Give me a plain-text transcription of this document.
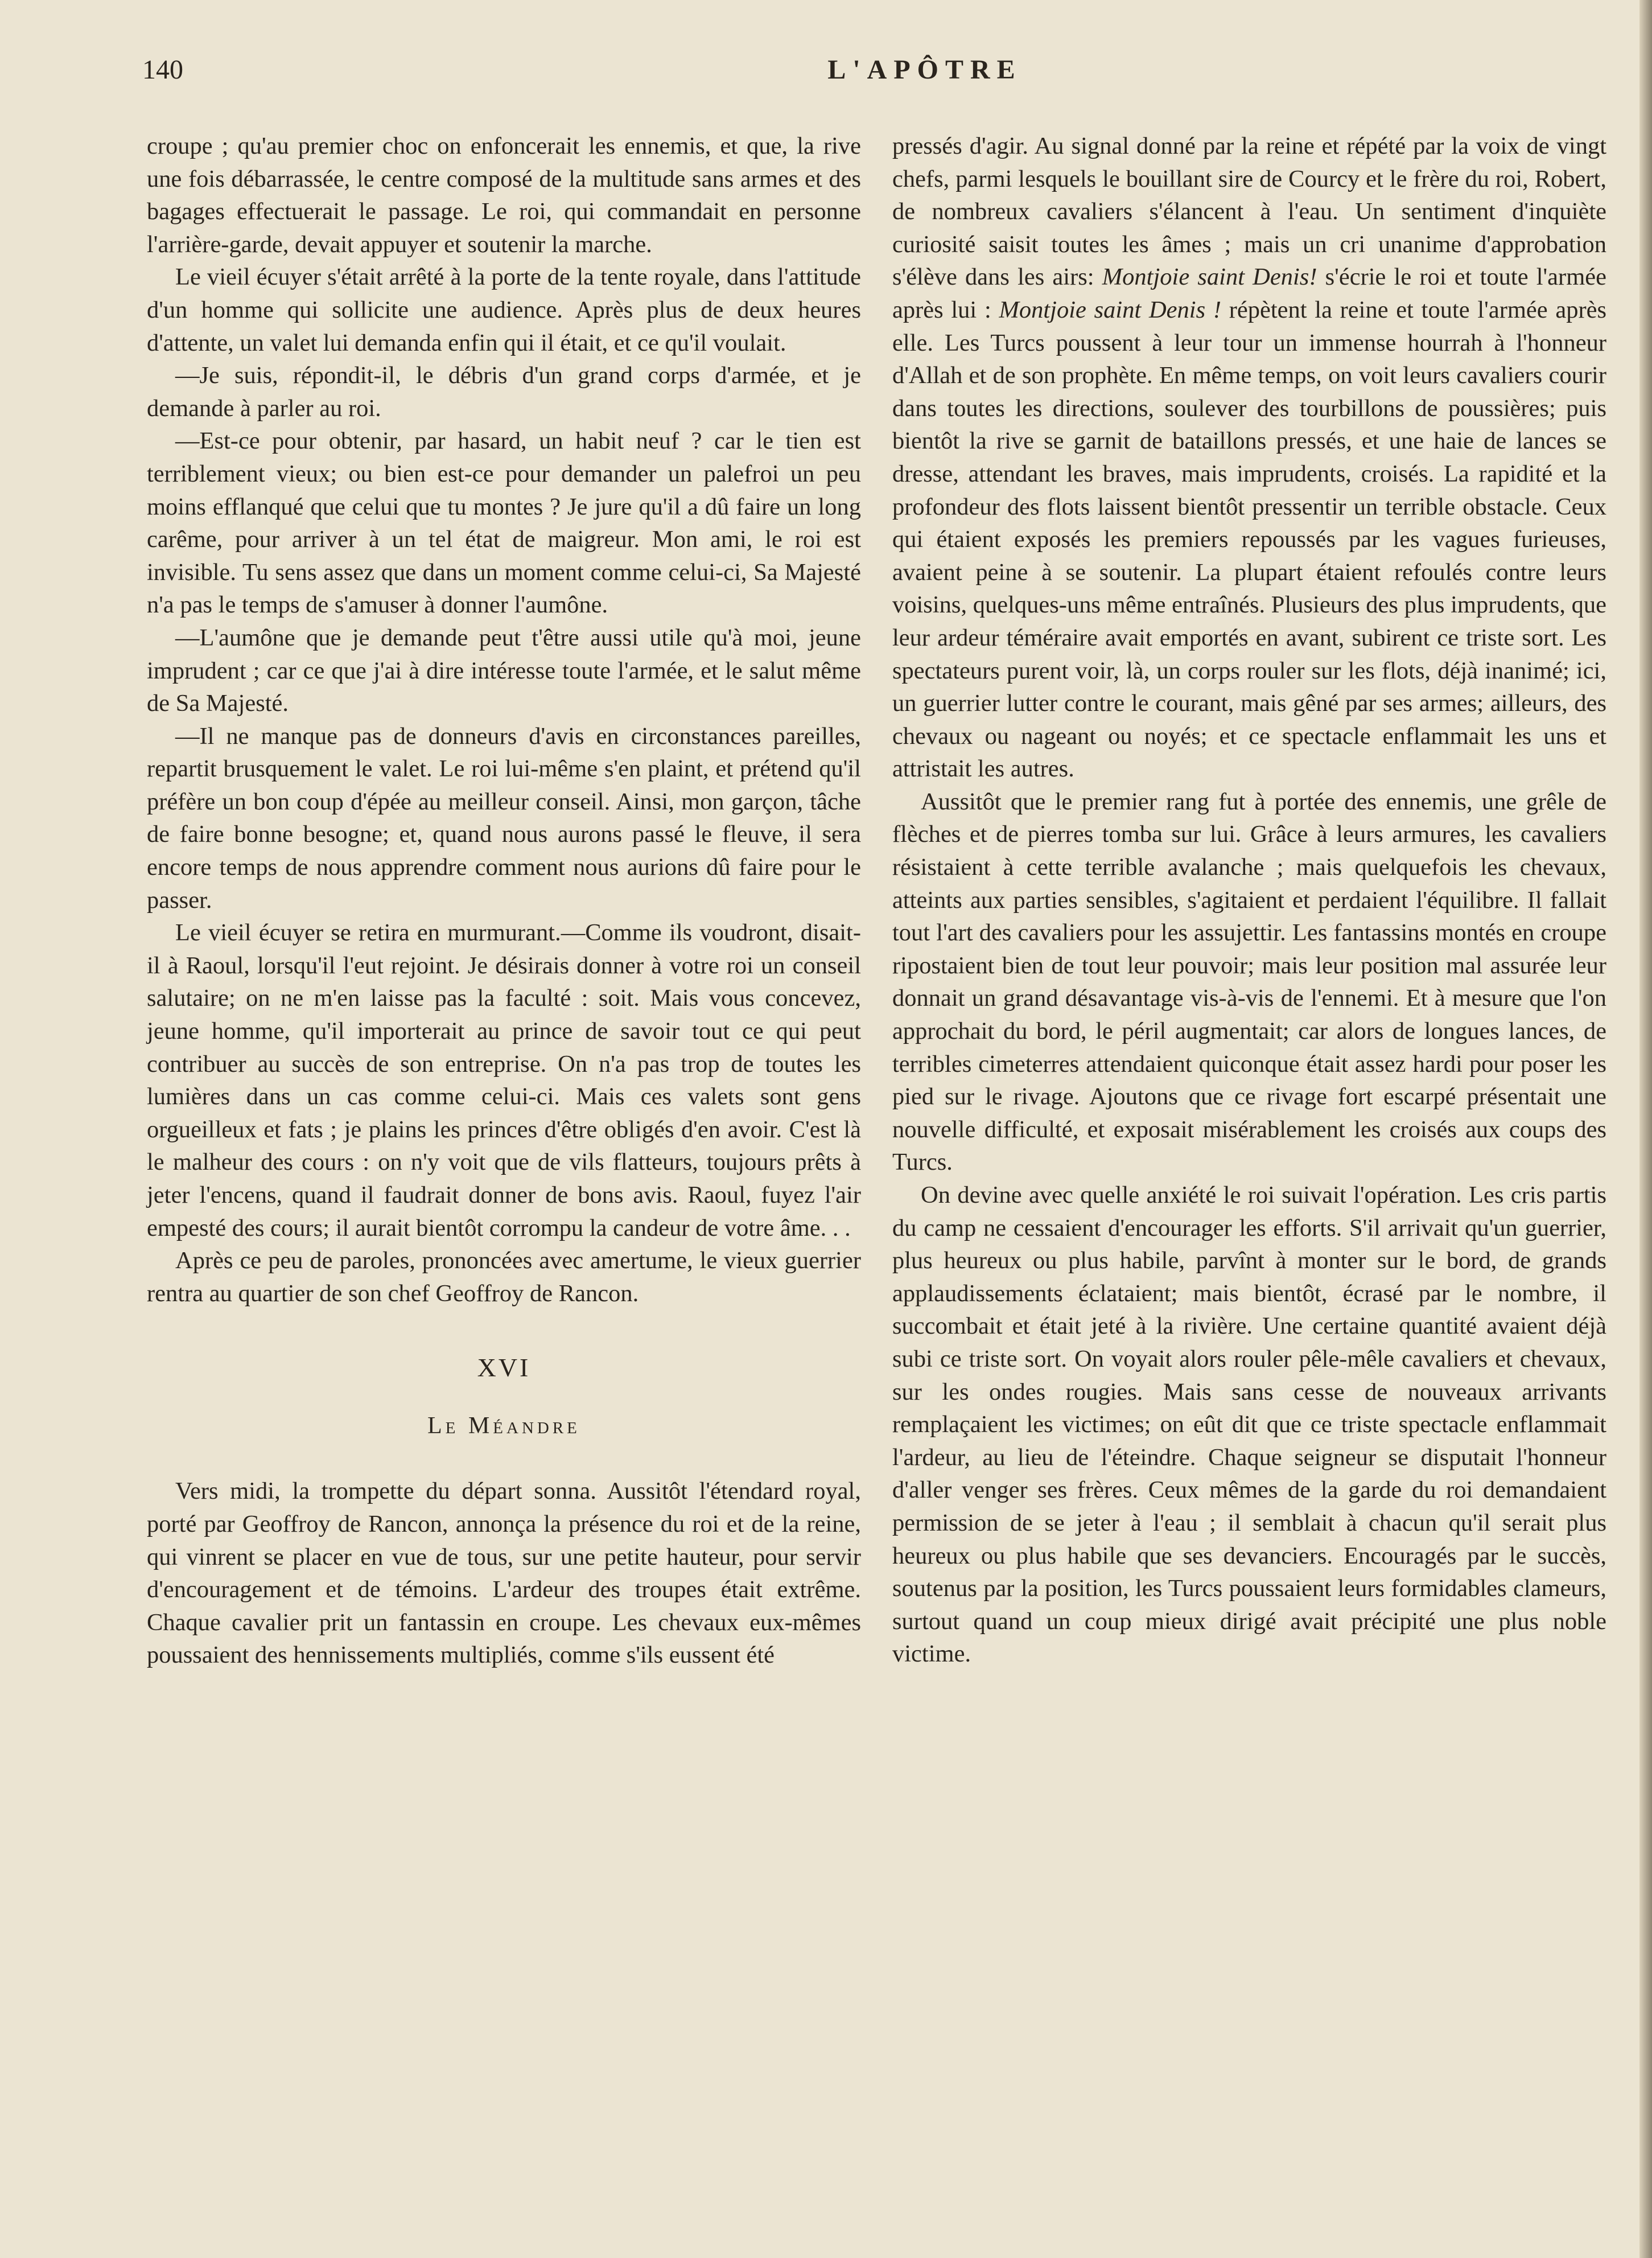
140	L'APÔTRE

croupe ; qu'au premier choc on enfoncerait les ennemis, et que, la rive une fois débarrassée, le centre composé de la multitude sans armes et des bagages effectuerait le passage. Le roi, qui commandait en personne l'arrière-garde, devait appuyer et soutenir la marche.

Le vieil écuyer s'était arrêté à la porte de la tente royale, dans l'attitude d'un homme qui sollicite une audience. Après plus de deux heures d'attente, un valet lui demanda enfin qui il était, et ce qu'il voulait.

—Je suis, répondit-il, le débris d'un grand corps d'armée, et je demande à parler au roi.

—Est-ce pour obtenir, par hasard, un habit neuf ? car le tien est terriblement vieux; ou bien est-ce pour demander un palefroi un peu moins efflanqué que celui que tu montes ? Je jure qu'il a dû faire un long carême, pour arriver à un tel état de maigreur. Mon ami, le roi est invisible. Tu sens assez que dans un moment comme celui-ci, Sa Majesté n'a pas le temps de s'amuser à donner l'aumône.

—L'aumône que je demande peut t'être aussi utile qu'à moi, jeune imprudent ; car ce que j'ai à dire intéresse toute l'armée, et le salut même de Sa Majesté.

—Il ne manque pas de donneurs d'avis en circonstances pareilles, repartit brusquement le valet. Le roi lui-même s'en plaint, et prétend qu'il préfère un bon coup d'épée au meilleur conseil. Ainsi, mon garçon, tâche de faire bonne besogne; et, quand nous aurons passé le fleuve, il sera encore temps de nous apprendre comment nous aurions dû faire pour le passer.

Le vieil écuyer se retira en murmurant.—Comme ils voudront, disait-il à Raoul, lorsqu'il l'eut rejoint. Je désirais donner à votre roi un conseil salutaire; on ne m'en laisse pas la faculté : soit. Mais vous concevez, jeune homme, qu'il importerait au prince de savoir tout ce qui peut contribuer au succès de son entreprise. On n'a pas trop de toutes les lumières dans un cas comme celui-ci. Mais ces valets sont gens orgueilleux et fats ; je plains les princes d'être obligés d'en avoir. C'est là le malheur des cours : on n'y voit que de vils flatteurs, toujours prêts à jeter l'encens, quand il faudrait donner de bons avis. Raoul, fuyez l'air empesté des cours; il aurait bientôt corrompu la candeur de votre âme. . .

Après ce peu de paroles, prononcées avec amertume, le vieux guerrier rentra au quartier de son chef Geoffroy de Rancon.

XVI
Le Méandre

Vers midi, la trompette du départ sonna. Aussitôt l'étendard royal, porté par Geoffroy de Rancon, annonça la présence du roi et de la reine, qui vinrent se placer en vue de tous, sur une petite hauteur, pour servir d'encouragement et de témoins. L'ardeur des troupes était extrême. Chaque cavalier prit un fantassin en croupe. Les chevaux eux-mêmes poussaient des hennissements multipliés, comme s'ils eussent été

pressés d'agir. Au signal donné par la reine et répété par la voix de vingt chefs, parmi lesquels le bouillant sire de Courcy et le frère du roi, Robert, de nombreux cavaliers s'élancent à l'eau. Un sentiment d'inquiète curiosité saisit toutes les âmes ; mais un cri unanime d'approbation s'élève dans les airs: Montjoie saint Denis! s'écrie le roi et toute l'armée après lui : Montjoie saint Denis ! répètent la reine et toute l'armée après elle. Les Turcs poussent à leur tour un immense hourrah à l'honneur d'Allah et de son prophète. En même temps, on voit leurs cavaliers courir dans toutes les directions, soulever des tourbillons de poussières; puis bientôt la rive se garnit de bataillons pressés, et une haie de lances se dresse, attendant les braves, mais imprudents, croisés. La rapidité et la profondeur des flots laissent bientôt pressentir un terrible obstacle. Ceux qui étaient exposés les premiers repoussés par les vagues furieuses, avaient peine à se soutenir. La plupart étaient refoulés contre leurs voisins, quelques-uns même entraînés. Plusieurs des plus imprudents, que leur ardeur téméraire avait emportés en avant, subirent ce triste sort. Les spectateurs purent voir, là, un corps rouler sur les flots, déjà inanimé; ici, un guerrier lutter contre le courant, mais gêné par ses armes; ailleurs, des chevaux ou nageant ou noyés; et ce spectacle enflammait les uns et attristait les autres.

Aussitôt que le premier rang fut à portée des ennemis, une grêle de flèches et de pierres tomba sur lui. Grâce à leurs armures, les cavaliers résistaient à cette terrible avalanche ; mais quelquefois les chevaux, atteints aux parties sensibles, s'agitaient et perdaient l'équilibre. Il fallait tout l'art des cavaliers pour les assujettir. Les fantassins montés en croupe ripostaient bien de tout leur pouvoir; mais leur position mal assurée leur donnait un grand désavantage vis-à-vis de l'ennemi. Et à mesure que l'on approchait du bord, le péril augmentait; car alors de longues lances, de terribles cimeterres attendaient quiconque était assez hardi pour poser les pied sur le rivage. Ajoutons que ce rivage fort escarpé présentait une nouvelle difficulté, et exposait misérablement les croisés aux coups des Turcs.

On devine avec quelle anxiété le roi suivait l'opération. Les cris partis du camp ne cessaient d'encourager les efforts. S'il arrivait qu'un guerrier, plus heureux ou plus habile, parvînt à monter sur le bord, de grands applaudissements éclataient; mais bientôt, écrasé par le nombre, il succombait et était jeté à la rivière. Une certaine quantité avaient déjà subi ce triste sort. On voyait alors rouler pêle-mêle cavaliers et chevaux, sur les ondes rougies. Mais sans cesse de nouveaux arrivants remplaçaient les victimes; on eût dit que ce triste spectacle enflammait l'ardeur, au lieu de l'éteindre. Chaque seigneur se disputait l'honneur d'aller venger ses frères. Ceux mêmes de la garde du roi demandaient permission de se jeter à l'eau ; il semblait à chacun qu'il serait plus heureux ou plus habile que ses devanciers. Encouragés par le succès, soutenus par la position, les Turcs poussaient leurs formidables clameurs, surtout quand un coup mieux dirigé avait précipité une plus noble victime.
